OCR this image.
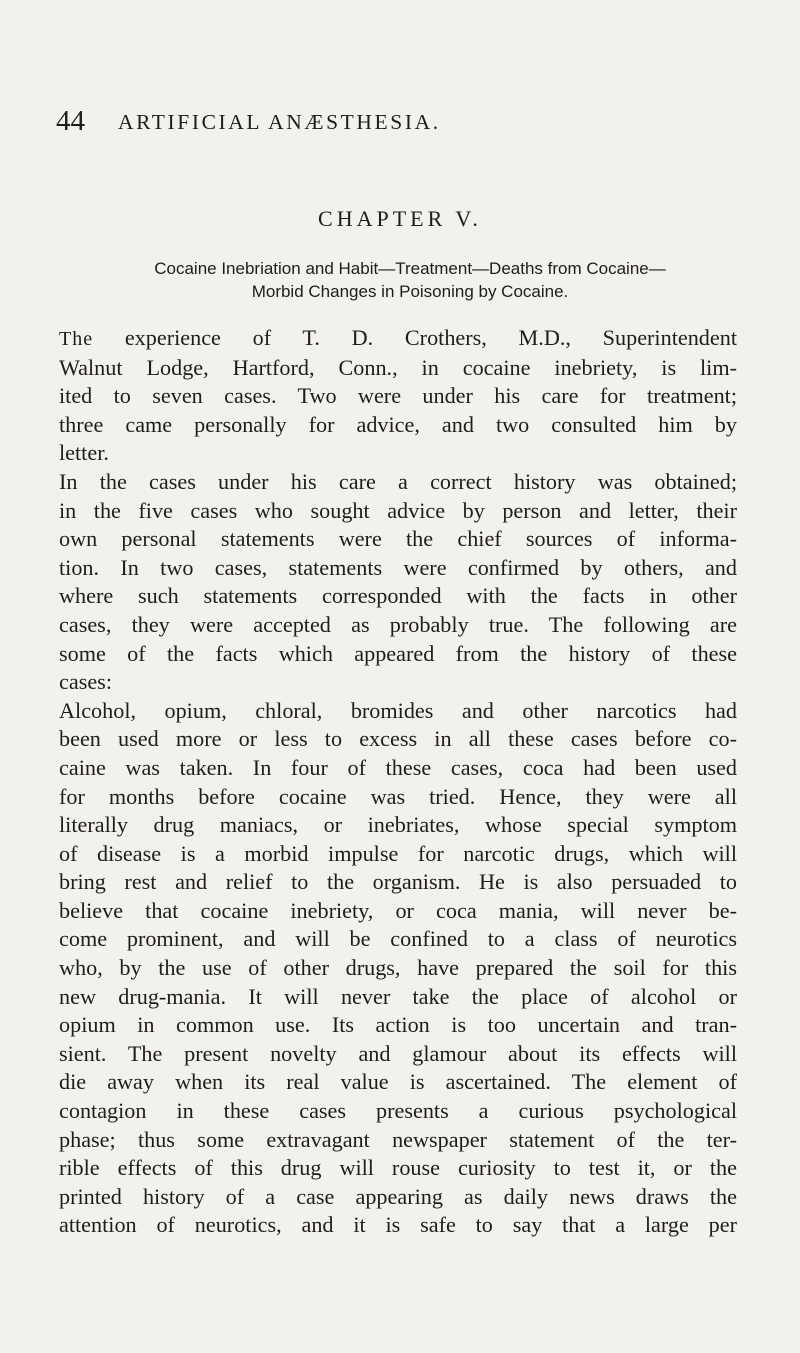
44 ARTIFICIAL ANÆSTHESIA.
CHAPTER V.
Cocaine Inebriation and Habit—Treatment—Deaths from Cocaine—
Morbid Changes in Poisoning by Cocaine.
The experience of T. D. Crothers, M.D., Superintendent
Walnut Lodge, Hartford, Conn., in cocaine inebriety, is lim-
ited to seven cases. Two were under his care for treatment;
three came personally for advice, and two consulted him by
letter.
In the cases under his care a correct history was obtained;
in the five cases who sought advice by person and letter, their
own personal statements were the chief sources of informa-
tion. In two cases, statements were confirmed by others, and
where such statements corresponded with the facts in other
cases, they were accepted as probably true. The following are
some of the facts which appeared from the history of these
cases:
Alcohol, opium, chloral, bromides and other narcotics had
been used more or less to excess in all these cases before co-
caine was taken. In four of these cases, coca had been used
for months before cocaine was tried. Hence, they were all
literally drug maniacs, or inebriates, whose special symptom
of disease is a morbid impulse for narcotic drugs, which will
bring rest and relief to the organism. He is also persuaded to
believe that cocaine inebriety, or coca mania, will never be-
come prominent, and will be confined to a class of neurotics
who, by the use of other drugs, have prepared the soil for this
new drug-mania. It will never take the place of alcohol or
opium in common use. Its action is too uncertain and tran-
sient. The present novelty and glamour about its effects will
die away when its real value is ascertained. The element of
contagion in these cases presents a curious psychological
phase; thus some extravagant newspaper statement of the ter-
rible effects of this drug will rouse curiosity to test it, or the
printed history of a case appearing as daily news draws the
attention of neurotics, and it is safe to say that a large per
